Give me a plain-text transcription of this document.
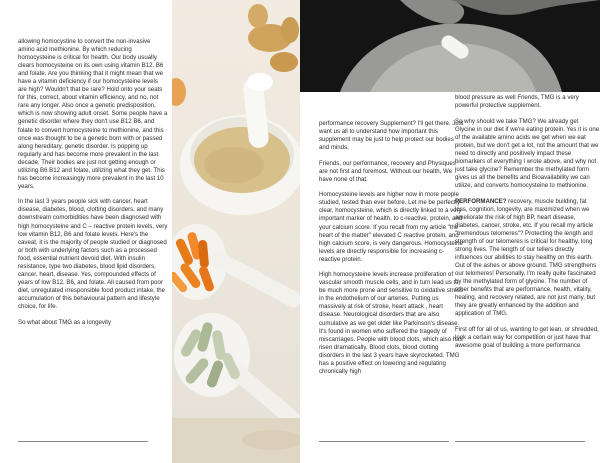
allowing homocystine to convert the non-invasive amino acid methionine. By which reducing homocysteine is critical for health. Our body usually clears homocysteine on its own using vitamin B12, B6 and folate. Are you thinking that it might mean that we have a vitamin deficiency if our homocysteine levels are high? Wouldn't that be rare? Hold onto your seats for this, correct, about vitamin efficiency, and no, not rare any longer. Also once a genetic predisposition, which is now showing adult onset. Some people have a genetic disorder where they don't use B12 B6, and folate to convert homocysteine to methionine, and this once was thought to be a genetic born with or passed along hereditary, genetic disorder. Is popping up regularly and has become more prevalent in the last decade. Their bodies are just not getting enough or utilizing B6 B12 and folate, utilizing what they get. This has become increasingly more prevalent in the last 10 years.

In the last 3 years people sick with cancer, heart disease, diabetes, blood, clotting disorders, and many downstream comorbidities have been diagnosed with high homocysteine and C – reactive protein levels, very low vitamin B12, B6 and folate levels. Here's the caveat, it is the majority of people studied or diagnosed or both with underlying factors such as a processed food, essential nutrient devoid diet. With insulin resistance, type two diabetes, blood lipid disorders, cancer, heart, disease. Yes, compounded effects of years of low B12, B6, and folate. All caused from poor diet, unregulated irresponsible food product intake, the accumulation of this behavioural pattern and lifestyle choice, for life.

So what about TMG as a longevity

performance recovery Supplement? I'll get there. Just want us all to understand how important this supplement may be just to help protect our bodies and minds.

Friends, our performance, recovery and Physiques are not first and foremost. Without our health, We have none of that.

Homocysteine levels are higher now in more people studied, tested than ever before. Let me be perfectly clear, homocysteine, which is directly linked to a very important marker of health, to c-reactive, protein, and your calcium score. If you recall from my article "the heart of the matter" elevated C reactive protein, and high calcium score, is very dangerous. Homocysteine levels are directly responsible for increasing c-reactive protein.

High homocysteine levels increase proliferation of vascular smooth muscle cells, and in turn lead us to be much more prone and sensitive to oxidative stress in the endothelium of our arteries. Putting us massively at risk of stroke, heart attack , heart disease. Neurological disorders that are also cumulative as we get older like Parkinson's disease. It's found in women who suffered the tragedy of miscarriages. People with blood clots, which also has risen dramatically. Blood clots, blood clotting disorders in the last 3 years have skyrocketed. TMG has a positive effect on lowering and regulating chronically high

blood pressure as well Friends, TMG is a very powerful protective supplement.

So why should we take TMG? We already get Glycine in our diet if we're eating protein. Yes it is one of the available amino acids we get when we eat protein, but we don't get a lot, not the amount that we need to directly and positively impact these biomarkers of everything I wrote above, and why not just take glycine? Remember the methylated form gives us all the benefits and Bioavailability we can utilize, and converts homocysteine to methionine.

PERFORMANCE? recovery, muscle building, fat loss, cognition, longevity, are maximized when we ameliorate the risk of high BP, heart disease, diabetes, cancer, stroke, etc. If you recall my article "tremendous telomeres"? Protecting the length and strength of our telomeres is critical for healthy, long strong lives. The length of our tellers directly influences our abilities to stay healthy on this earth. Out of the ashes or above ground. TMG strengthens our telomeres! Personally, I'm really quite fascinated by the methylated form of glycine. The number of other benefits that are performance, health, vitality, healing, and recovery related, are not just many, but they are greatly enhanced by the addition and application of TMG.

First off for all of us, wanting to get lean, or shredded, look a certain way for competition or just have that awesome goal of building a more performance
